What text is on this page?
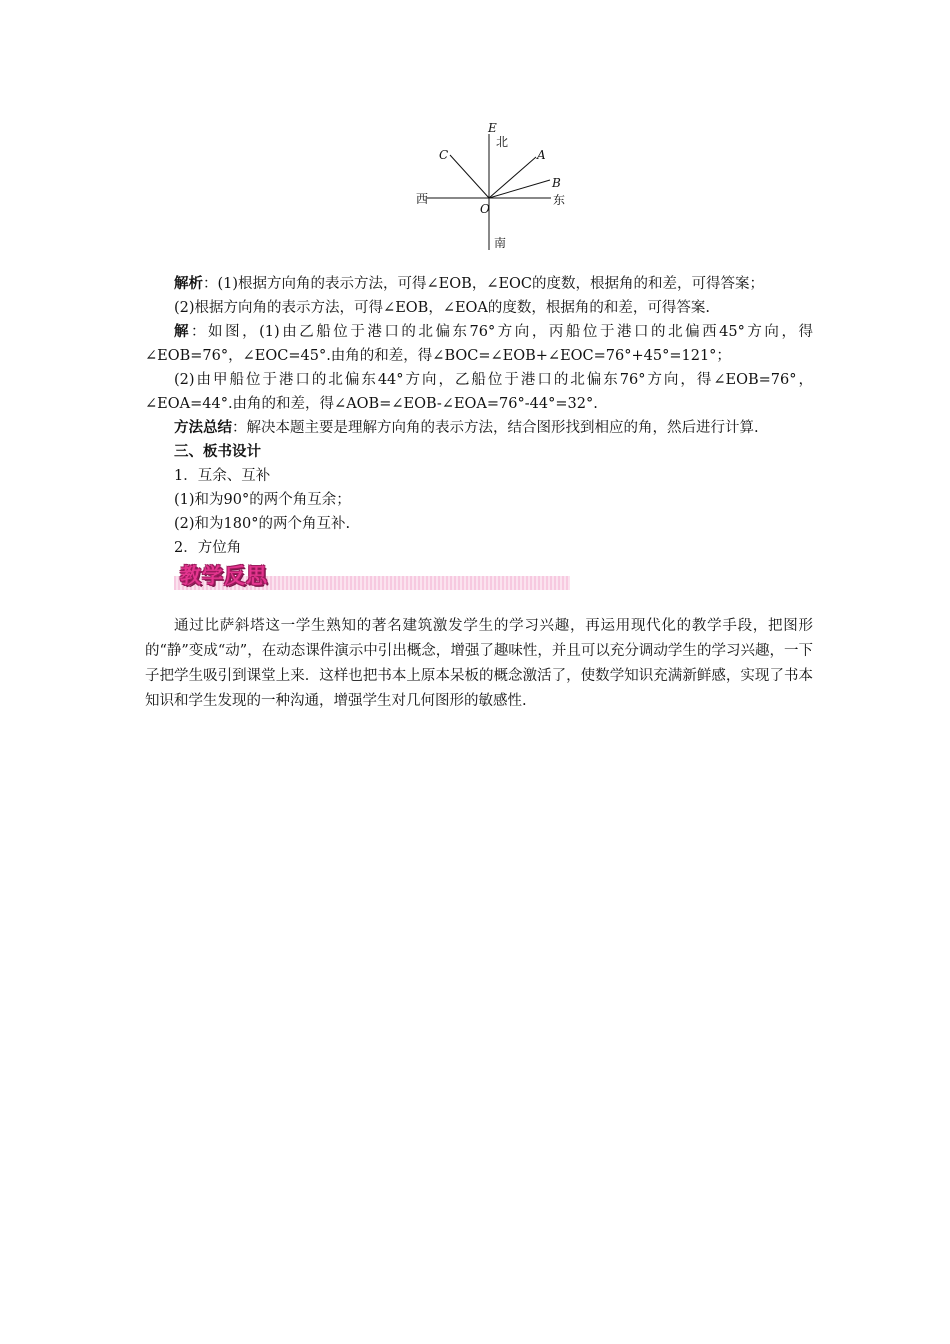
E
北
A
C
B
西
O
东
南

解析：(1)根据方向角的表示方法，可得∠EOB，∠EOC的度数，根据角的和差，可得答案；

(2)根据方向角的表示方法，可得∠EOB，∠EOA的度数，根据角的和差，可得答案.

解：如图，(1)由乙船位于港口的北偏东76°方向，丙船位于港口的北偏西45°方向，得∠EOB=76°，∠EOC=45°.由角的和差，得∠BOC=∠EOB+∠EOC=76°+45°=121°；

(2)由甲船位于港口的北偏东44°方向，乙船位于港口的北偏东76°方向，得∠EOB=76°，∠EOA=44°.由角的和差，得∠AOB=∠EOB-∠EOA=76°-44°=32°.

方法总结：解决本题主要是理解方向角的表示方法，结合图形找到相应的角，然后进行计算.

三、板书设计

1．互余、互补

(1)和为90°的两个角互余；

(2)和为180°的两个角互补.

2．方位角

教学反思

通过比萨斜塔这一学生熟知的著名建筑激发学生的学习兴趣，再运用现代化的教学手段，把图形的“静”变成“动”，在动态课件演示中引出概念，增强了趣味性，并且可以充分调动学生的学习兴趣，一下子把学生吸引到课堂上来．这样也把书本上原本呆板的概念激活了，使数学知识充满新鲜感，实现了书本知识和学生发现的一种沟通，增强学生对几何图形的敏感性.
